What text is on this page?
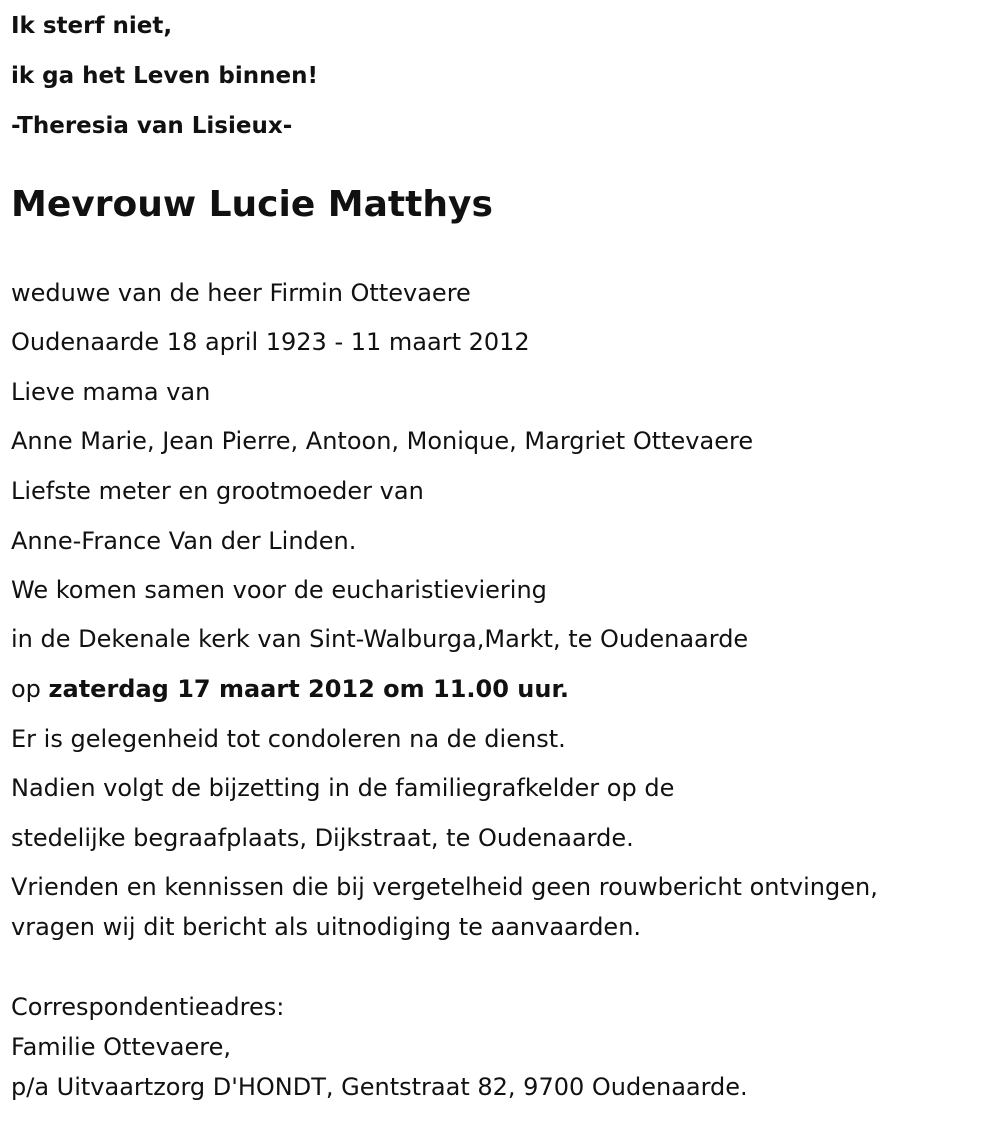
Ik sterf niet,
ik ga het Leven binnen!
-Theresia van Lisieux-
Mevrouw Lucie Matthys
weduwe van de heer Firmin Ottevaere
Oudenaarde 18 april 1923 - 11 maart 2012
Lieve mama van
Anne Marie, Jean Pierre, Antoon, Monique, Margriet Ottevaere
Liefste meter en grootmoeder van
Anne-France Van der Linden.
We komen samen voor de eucharistieviering
in de Dekenale kerk van Sint-Walburga,Markt, te Oudenaarde
op zaterdag 17 maart 2012 om 11.00 uur.
Er is gelegenheid tot condoleren na de dienst.
Nadien volgt de bijzetting in de familiegrafkelder op de
stedelijke begraafplaats, Dijkstraat, te Oudenaarde.
Vrienden en kennissen die bij vergetelheid geen rouwbericht ontvingen,
vragen wij dit bericht als uitnodiging te aanvaarden.
Correspondentieadres:
Familie Ottevaere,
p/a Uitvaartzorg D'HONDT, Gentstraat 82, 9700 Oudenaarde.
